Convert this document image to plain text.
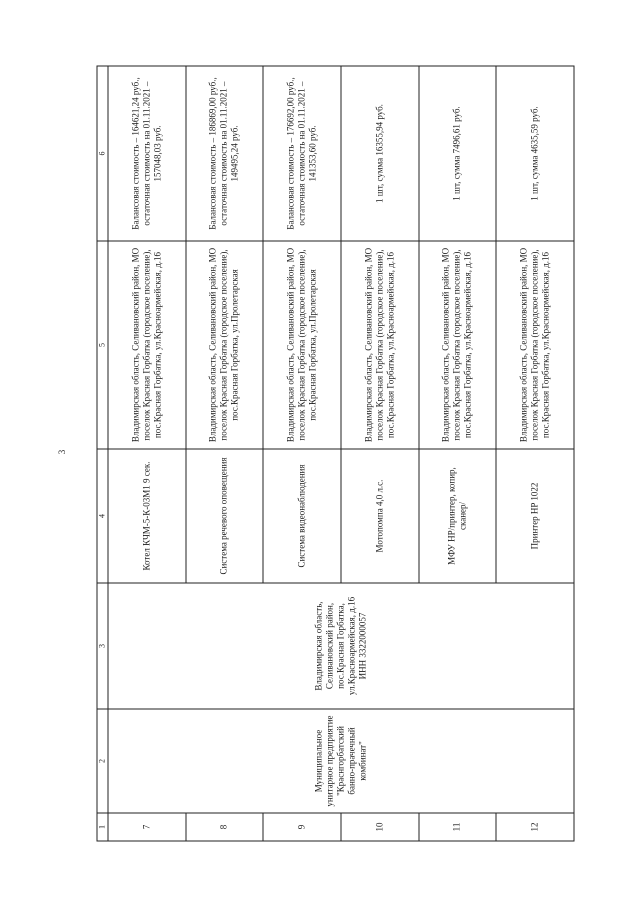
3
1	2	3	4	5	6
7	Муниципальное унитарное предприятие "Краснгорбатский банно-прачечный комбинат"	Владимирская область, Селивановский район, пос.Красная Горбатка, ул.Красноармейская, д.16 ИНН 3322000057	Котел КЧМ-5-К-03М1 9 сек.	Владимирская область, Селивановский район, МО поселок Красная Горбатка (городское поселение), пос.Красная Горбатка, ул.Красноармейская, д.16	Балансовая стоимость – 164621,24 руб., остаточная стоимость на 01.11.2021 – 157048,03 руб.
8			Система речевого оповещения	Владимирская область, Селивановский район, МО поселок Красная Горбатка (городское поселение), пос.Красная Горбатка, ул.Пролетарская	Балансовая стоимость – 186869,00 руб., остаточная стоимость на 01.11.2021 – 149495,24 руб.
9			Система видеонаблюдения	Владимирская область, Селивановский район, МО поселок Красная Горбатка (городское поселение), пос.Красная Горбатка, ул.Пролетарская	Балансовая стоимость – 176692,00 руб., остаточная стоимость на 01.11.2021 – 141353,60 руб.
10			Мотопомпа 4,0 л.с.	Владимирская область, Селивановский район, МО поселок Красная Горбатка (городское поселение), пос.Красная Горбатка, ул.Красноармейская, д.16	1 шт, сумма 16355,94 руб.
11			МФУ HP/принтер, копир, сканер/	Владимирская область, Селивановский район, МО поселок Красная Горбатка (городское поселение), пос.Красная Горбатка, ул.Красноармейская, д.16	1 шт, сумма 7496,61 руб.
12			Принтер HP 1022	Владимирская область, Селивановский район, МО поселок Красная Горбатка (городское поселение), пос.Красная Горбатка, ул.Красноармейская, д.16	1 шт, сумма 4635,59 руб.
